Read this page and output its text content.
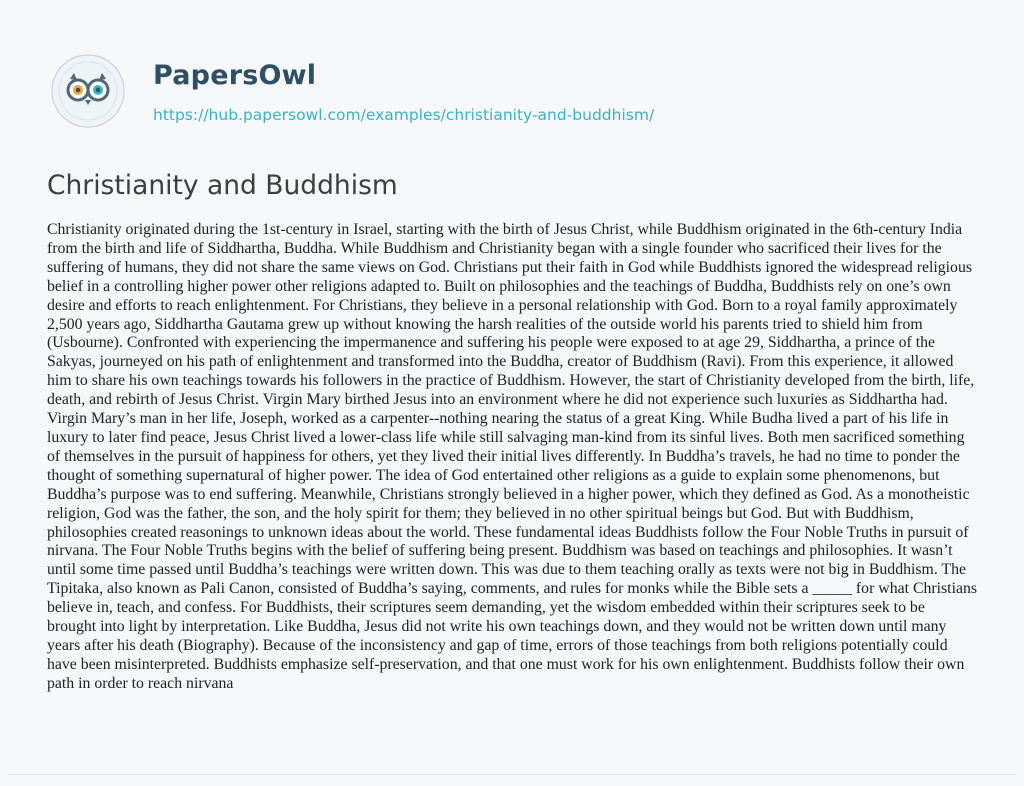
PapersOwl
https://hub.papersowl.com/examples/christianity-and-buddhism/
Christianity and Buddhism

Christianity originated during the 1st-century in Israel, starting with the birth of Jesus Christ, while Buddhism originated in the 6th-century India from the birth and life of Siddhartha, Buddha. While Buddhism and Christianity began with a single founder who sacrificed their lives for the suffering of humans, they did not share the same views on God. Christians put their faith in God while Buddhists ignored the widespread religious belief in a controlling higher power other religions adapted to. Built on philosophies and the teachings of Buddha, Buddhists rely on one’s own desire and efforts to reach enlightenment. For Christians, they believe in a personal relationship with God. Born to a royal family approximately 2,500 years ago, Siddhartha Gautama grew up without knowing the harsh realities of the outside world his parents tried to shield him from (Usbourne). Confronted with experiencing the impermanence and suffering his people were exposed to at age 29, Siddhartha, a prince of the Sakyas, journeyed on his path of enlightenment and transformed into the Buddha, creator of Buddhism (Ravi). From this experience, it allowed him to share his own teachings towards his followers in the practice of Buddhism. However, the start of Christianity developed from the birth, life, death, and rebirth of Jesus Christ. Virgin Mary birthed Jesus into an environment where he did not experience such luxuries as Siddhartha had. Virgin Mary’s man in her life, Joseph, worked as a carpenter--nothing nearing the status of a great King. While Budha lived a part of his life in luxury to later find peace, Jesus Christ lived a lower-class life while still salvaging man-kind from its sinful lives. Both men sacrificed something of themselves in the pursuit of happiness for others, yet they lived their initial lives differently. In Buddha’s travels, he had no time to ponder the thought of something supernatural of higher power. The idea of God entertained other religions as a guide to explain some phenomenons, but Buddha’s purpose was to end suffering. Meanwhile, Christians strongly believed in a higher power, which they defined as God. As a monotheistic religion, God was the father, the son, and the holy spirit for them; they believed in no other spiritual beings but God. But with Buddhism, philosophies created reasonings to unknown ideas about the world. These fundamental ideas Buddhists follow the Four Noble Truths in pursuit of nirvana. The Four Noble Truths begins with the belief of suffering being present. Buddhism was based on teachings and philosophies. It wasn’t until some time passed until Buddha’s teachings were written down. This was due to them teaching orally as texts were not big in Buddhism. The Tipitaka, also known as Pali Canon, consisted of Buddha’s saying, comments, and rules for monks while the Bible sets a _____ for what Christians believe in, teach, and confess. For Buddhists, their scriptures seem demanding, yet the wisdom embedded within their scriptures seek to be brought into light by interpretation. Like Buddha, Jesus did not write his own teachings down, and they would not be written down until many years after his death (Biography). Because of the inconsistency and gap of time, errors of those teachings from both religions potentially could have been misinterpreted. Buddhists emphasize self-preservation, and that one must work for his own enlightenment. Buddhists follow their own path in order to reach nirvana
